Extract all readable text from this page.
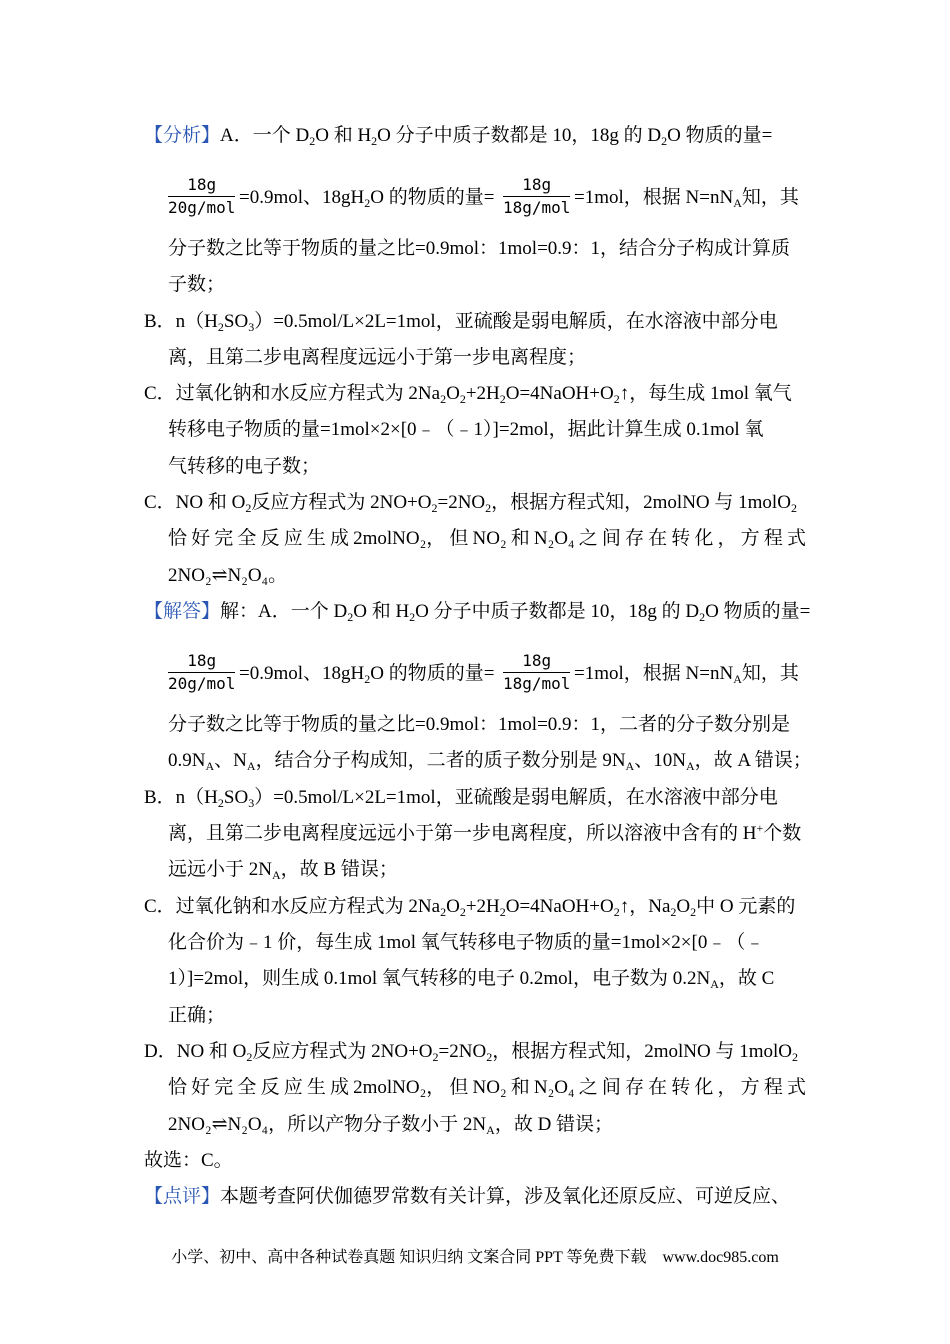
【分析】A．一个 $D_2O$ 和 $H_2O$ 分子中质子数都是 10，18g 的 $D_2O$ 物质的量=
18g
20g/mol =0.9mol、$18gH_2O$ 的物质的量=
18g
18g/mol =1mol，根据 $N=nN_A$知，其
分子数之比等于物质的量之比=0.9mol：1mol=0.9：1，结合分子构成计算质
子数；
B．$n(H_2SO_3)=0.5mol/L\times 2L=1mol$，亚硫酸是弱电解质，在水溶液中部分电
离，且第二步电离程度远远小于第一步电离程度；
C．过氧化钠和水反应方程式为 $2Na_2O_2+2H_2O=4NaOH+O_2↑$，每生成 1mol 氧气
转移电子物质的量=1mol×2×[0﹣（﹣1）]=2mol，据此计算生成 0.1mol 氧
气转移的电子数；
C．NO 和 $O_2$反应方程式为 $2NO+O_2=2NO_2$，根据方程式知，2molNO 与 1molO$_2$
恰 好 完 全 反 应 生 成 2molNO₂， 但 NO₂ 和 N₂O₄ 之 间 存 在 转 化 ， 方 程 式
2NO₂⇌N₂O₄。
【解答】解：A．一个 $D_2O$ 和 $H_2O$ 分子中质子数都是 10，18g 的 $D_2O$ 物质的量=
18g
20g/mol =0.9mol、$18gH_2O$ 的物质的量=
18g
18g/mol =1mol，根据 $N=nN_A$知，其
分子数之比等于物质的量之比=0.9mol：1mol=0.9：1，二者的分子数分别是
$0.9N_A$、$N_A$，结合分子构成知，二者的质子数分别是 $9N_A$、$10N_A$，故 A 错误；
B．$n(H_2SO_3)=0.5mol/L\times 2L=1mol$，亚硫酸是弱电解质，在水溶液中部分电
离，且第二步电离程度远远小于第一步电离程度，所以溶液中含有的 H+个数
远远小于 $2N_A$，故 B 错误；
C．过氧化钠和水反应方程式为 $2Na_2O_2+2H_2O=4NaOH+O_2↑$，$Na_2O_2$中 O 元素的
化合价为﹣1 价，每生成 1mol 氧气转移电子物质的量=1mol×2×[0﹣（﹣
1）]=2mol，则生成 0.1mol 氧气转移的电子 0.2mol，电子数为 $0.2N_A$，故 C
正确；
D．NO 和 $O_2$反应方程式为 $2NO+O_2=2NO_2$，根据方程式知，2molNO 与 1molO$_2$
恰 好 完 全 反 应 生 成 2molNO₂， 但 NO₂ 和 N₂O₄ 之 间 存 在 转 化 ， 方 程 式
2NO₂⇌N₂O₄，所以产物分子数小于 $2N_A$，故 D 错误；
故选：C。
【点评】本题考查阿伏伽德罗常数有关计算，涉及氧化还原反应、可逆反应、
小学、初中、高中各种试卷真题 知识归纳 文案合同 PPT 等免费下载　www.doc985.com
